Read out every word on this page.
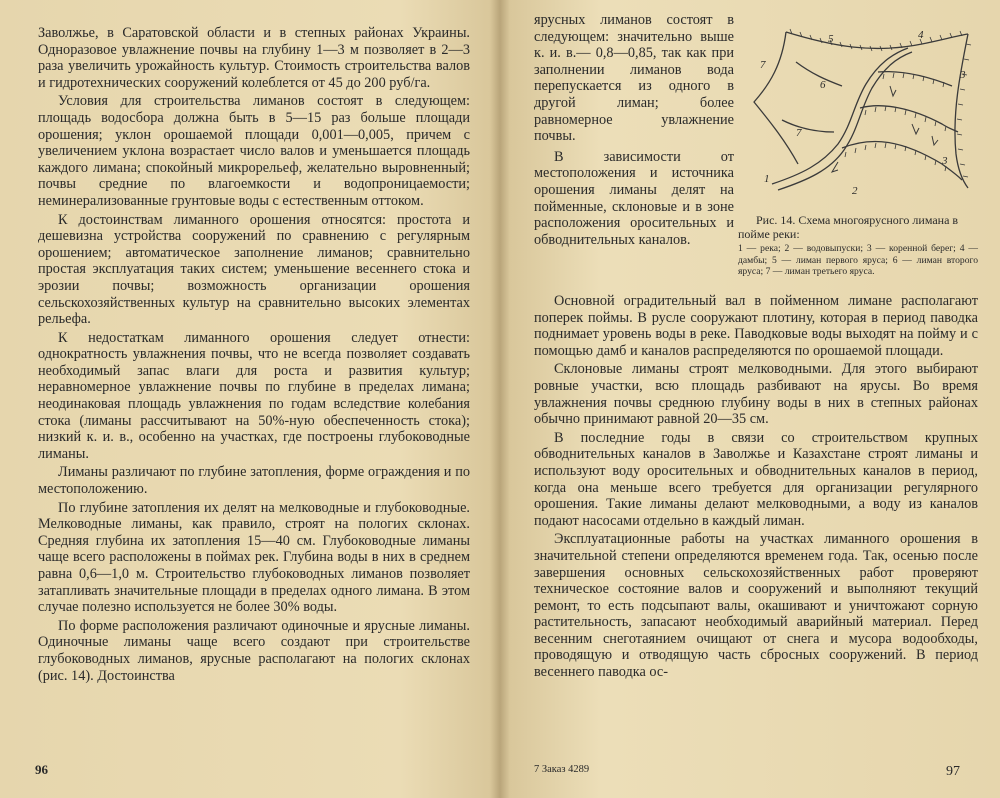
Заволжье, в Саратовской области и в степных районах Украины. Одноразовое увлажнение почвы на глубину 1—3 м позволяет в 2—3 раза увеличить урожайность культур. Стоимость строительства валов и гидротехнических сооружений колеблется от 45 до 200 руб/га.

Условия для строительства лиманов состоят в следующем: площадь водосбора должна быть в 5—15 раз больше площади орошения; уклон орошаемой площади 0,001—0,005, причем с увеличением уклона возрастает число валов и уменьшается площадь каждого лимана; спокойный микрорельеф, желательно выровненный; почвы средние по влагоемкости и водопроницаемости; неминерализованные грунтовые воды с естественным оттоком.

К достоинствам лиманного орошения относятся: простота и дешевизна устройства сооружений по сравнению с регулярным орошением; автоматическое заполнение лиманов; сравнительно простая эксплуатация таких систем; уменьшение весеннего стока и эрозии почвы; возможность организации орошения сельскохозяйственных культур на сравнительно высоких элементах рельефа.

К недостаткам лиманного орошения следует отнести: однократность увлажнения почвы, что не всегда позволяет создавать необходимый запас влаги для роста и развития культур; неравномерное увлажнение почвы по глубине в пределах лимана; неодинаковая площадь увлажнения по годам вследствие колебания стока (лиманы рассчитывают на 50%-ную обеспеченность стока); низкий к. и. в., особенно на участках, где построены глубоководные лиманы.

Лиманы различают по глубине затопления, форме ограждения и по местоположению.

По глубине затопления их делят на мелководные и глубоководные. Мелководные лиманы, как правило, строят на пологих склонах. Средняя глубина их затопления 15—40 см. Глубоководные лиманы чаще всего расположены в поймах рек. Глубина воды в них в среднем равна 0,6—1,0 м. Строительство глубоководных лиманов позволяет затапливать значительные площади в пределах одного лимана. В этом случае полезно используется не более 30% воды.

По форме расположения различают одиночные и ярусные лиманы. Одиночные лиманы чаще всего создают при строительстве глубоководных лиманов, ярусные располагают на пологих склонах (рис. 14). Достоинства

96

ярусных лиманов состоят в следующем: значительно выше к. и. в.— 0,8—0,85, так как при заполнении лиманов вода перепускается из одного в другой лиман; более равномерное увлажнение почвы.

В зависимости от местоположения и источника орошения лиманы делят на пойменные, склоновые и в зоне расположения оросительных и обводнительных каналов.

5	4
7
6
3
7
1
2
3

Рис. 14. Схема многоярусного лимана в пойме реки:

1 — река; 2 — водовыпуски; 3 — коренной берег; 4 — дамбы; 5 — лиман первого яруса; 6 — лиман второго яруса; 7 — лиман третьего яруса.

Основной оградительный вал в пойменном лимане располагают поперек поймы. В русле сооружают плотину, которая в период паводка поднимает уровень воды в реке. Паводковые воды выходят на пойму и с помощью дамб и каналов распределяются по орошаемой площади.

Склоновые лиманы строят мелководными. Для этого выбирают ровные участки, всю площадь разбивают на ярусы. Во время увлажнения почвы среднюю глубину воды в них в степных районах обычно принимают равной 20—35 см.

В последние годы в связи со строительством крупных обводнительных каналов в Заволжье и Казахстане строят лиманы и используют воду оросительных и обводнительных каналов в период, когда она меньше всего требуется для организации регулярного орошения. Такие лиманы делают мелководными, а воду из каналов подают насосами отдельно в каждый лиман.

Эксплуатационные работы на участках лиманного орошения в значительной степени определяются временем года. Так, осенью после завершения основных сельскохозяйственных работ проверяют техническое состояние валов и сооружений и выполняют текущий ремонт, то есть подсыпают валы, окашивают и уничтожают сорную растительность, запасают необходимый аварийный материал. Перед весенним снеготаянием очищают от снега и мусора водообходы, проводящую и отводящую часть сбросных сооружений. В период весеннего паводка ос-

7 Заказ 4289	97
